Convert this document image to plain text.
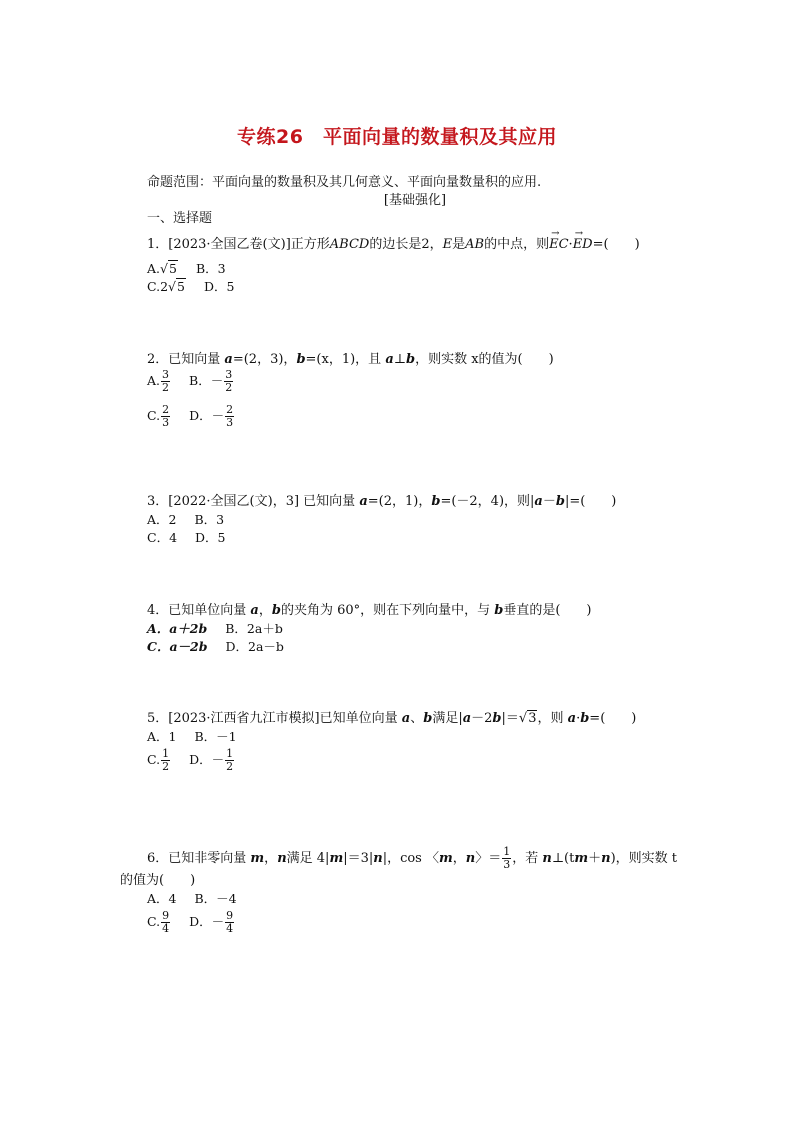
专练26　平面向量的数量积及其应用
命题范围：平面向量的数量积及其几何意义、平面向量数量积的应用.
[基础强化]
一、选择题
1．[2023·全国乙卷(文)]正方形ABCD的边长是2，E是AB的中点，则→ EC·→ ED=(　　)
A.√5 B．3
C.2√5 D．5
2．已知向量 a=(2，3)，b=(x，1)，且 a⊥b，则实数 x的值为(　　)
A. $\frac{3}{2}$ B．－ $\frac{3}{2}$
C. $\frac{2}{3}$ D．－ $\frac{2}{3}$
3．[2022·全国乙(文)，3] 已知向量 a=(2，1)，b=(－2，4)，则|a－b|=(　　)
A．2 B．3
C．4 D．5
4．已知单位向量 a，b的夹角为 60°，则在下列向量中，与 b垂直的是(　　)
A．a＋2b B．2a＋b
C．a－2b D．2a－b
5．[2023·江西省九江市模拟]已知单位向量 a、b满足|a－2b|＝√3，则 a·b=(　　)
A．1 B．－1
C. $\frac{1}{2}$ D．－ $\frac{1}{2}$
6．已知非零向量 m，n满足 4|m|＝3|n|，cos 〈m，n〉＝ $\frac{1}{3}$ ，若 n⊥(tm＋n)，则实数 t
的值为(　　)
A．4 B．－4
C. $\frac{9}{4}$ D．－ $\frac{9}{4}$
